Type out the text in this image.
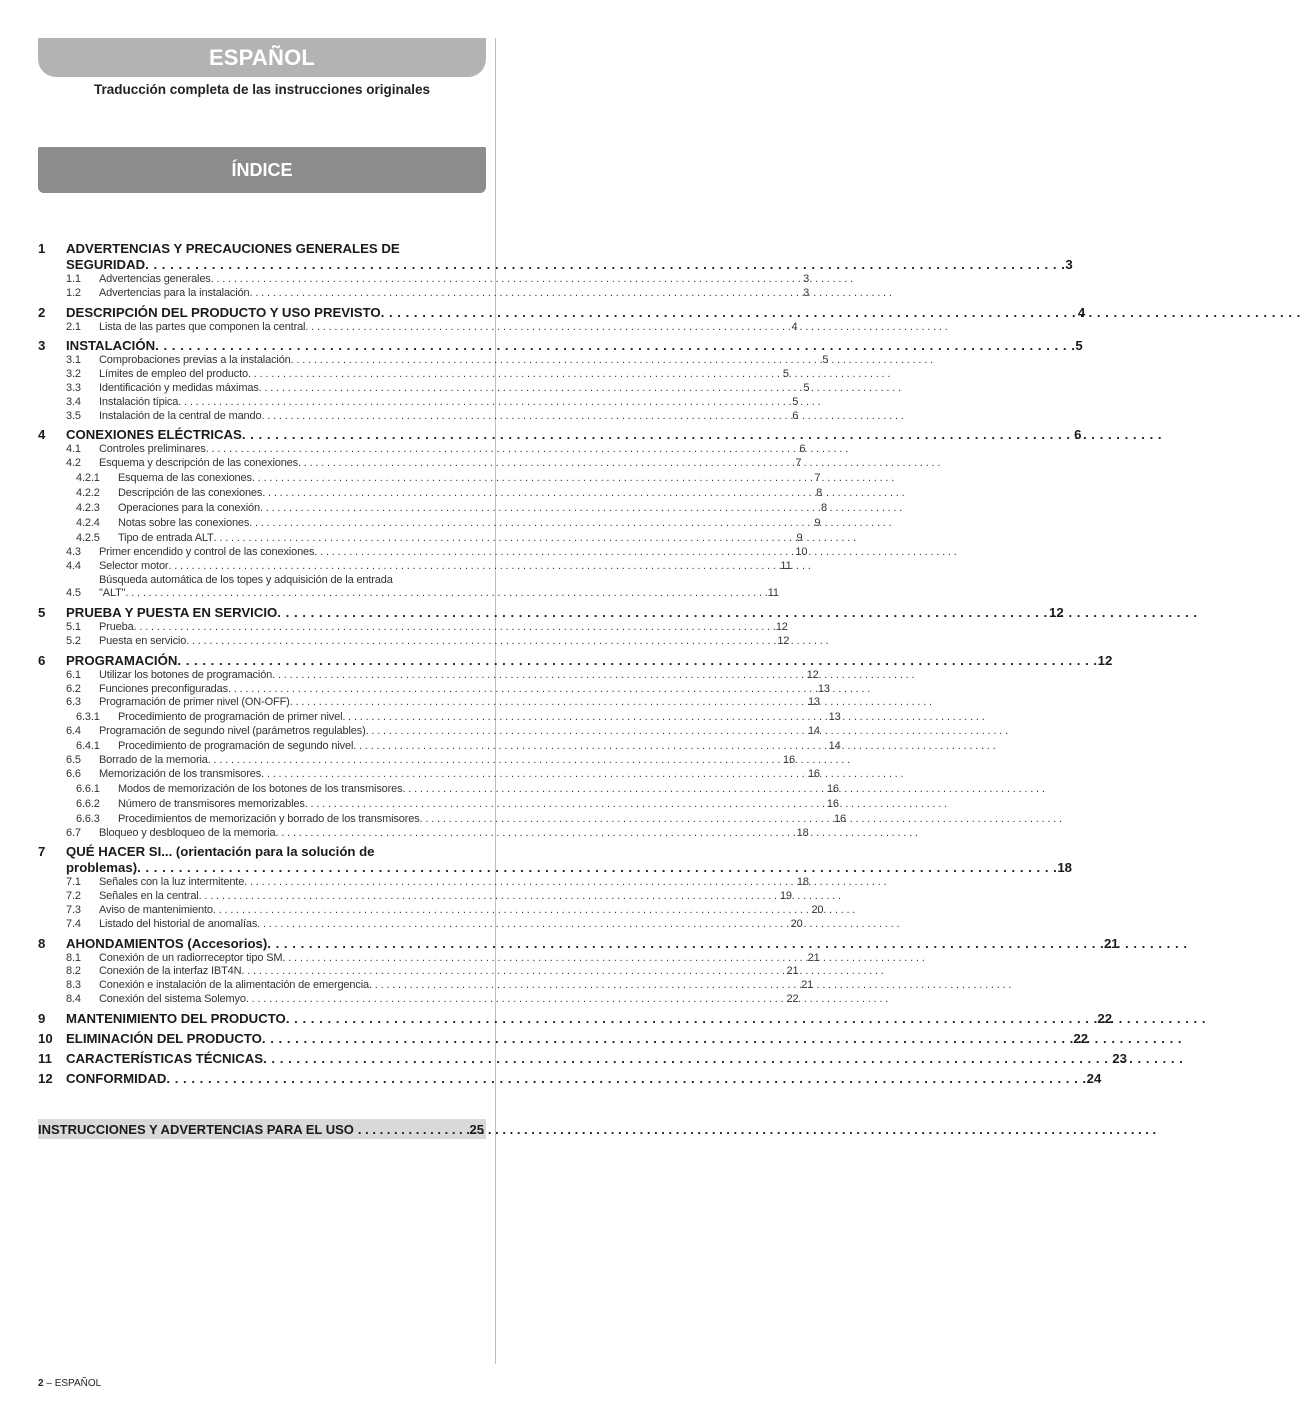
ESPAÑOL
Traducción completa de las instrucciones originales
ÍNDICE
1	ADVERTENCIAS Y PRECAUCIONES GENERALES DE
SEGURIDAD . . .	3
1.1	Advertencias generales . . .	3
1.2	Advertencias para la instalación . . .	3
2	DESCRIPCIÓN DEL PRODUCTO Y USO PREVISTO . . .	4
2.1	Lista de las partes que componen la central . . .	4
3	INSTALACIÓN . . .	5
3.1	Comprobaciones previas a la instalación . . .	5
3.2	Límites de empleo del producto . . .	5
3.3	Identificación y medidas máximas . . .	5
3.4	Instalación típica . . .	5
3.5	Instalación de la central de mando . . .	6
4	CONEXIONES ELÉCTRICAS . . .	6
4.1	Controles preliminares . . .	6
4.2	Esquema y descripción de las conexiones . . .	7
4.2.1	Esquema de las conexiones . . .	7
4.2.2	Descripción de las conexiones . . .	8
4.2.3	Operaciones para la conexión . . .	8
4.2.4	Notas sobre las conexiones . . .	9
4.2.5	Tipo de entrada ALT . . .	9
4.3	Primer encendido y control de las conexiones . . .	10
4.4	Selector motor . . .	11
4.5
Búsqueda automática de los topes y adquisición de la entrada
"ALT" . . .	11
5	PRUEBA Y PUESTA EN SERVICIO . . .	12
5.1	Prueba . . .	12
5.2	Puesta en servicio . . .	12
6	PROGRAMACIÓN . . .	12
6.1	Utilizar los botones de programación . . .	12
6.2	Funciones preconfiguradas . . .	13
6.3	Programación de primer nivel (ON-OFF) . . .	13
6.3.1	Procedimiento de programación de primer nivel . . .	13
6.4	Programación de segundo nivel (parámetros regulables) . . .	14
6.4.1	Procedimiento de programación de segundo nivel . . .	14
6.5	Borrado de la memoria . . .	16
6.6	Memorización de los transmisores . . .	16
6.6.1	Modos de memorización de los botones de los transmisores . . .	16
6.6.2	Número de transmisores memorizables . . .	16
6.6.3	Procedimientos de memorización y borrado de los transmisores . . .	16
6.7	Bloqueo y desbloqueo de la memoria . . .	18
7	QUÉ HACER SI... (orientación para la solución de
problemas) . . .	18
7.1	Señales con la luz intermitente . . .	18
7.2	Señales en la central . . .	19
7.3	Aviso de mantenimiento . . .	20
7.4	Listado del historial de anomalías . . .	20
8	AHONDAMIENTOS (Accesorios) . . .	21
8.1	Conexión de un radiorreceptor tipo SM . . .	21
8.2	Conexión de la interfaz IBT4N . . .	21
8.3	Conexión e instalación de la alimentación de emergencia . . .	21
8.4	Conexión del sistema Solemyo . . .	22
9	MANTENIMIENTO DEL PRODUCTO . . .	22
10	ELIMINACIÓN DEL PRODUCTO . . .	22
11	CARACTERÍSTICAS TÉCNICAS . . .	23
12	CONFORMIDAD . . .	24
INSTRUCCIONES Y ADVERTENCIAS PARA EL USO . . .	25
2 – ESPAÑOL
